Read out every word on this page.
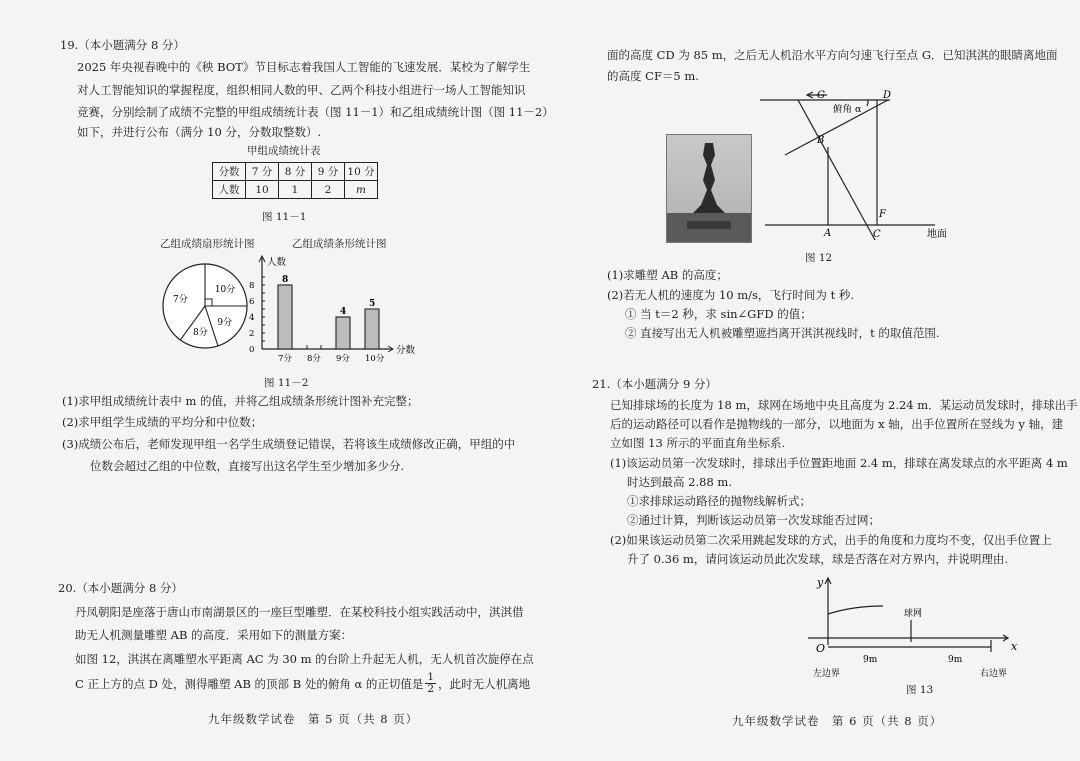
19.（本小题满分 8 分）
2025 年央视春晚中的《秧 BOT》节目标志着我国人工智能的飞速发展．某校为了解学生
对人工智能知识的掌握程度，组织相同人数的甲、乙两个科技小组进行一场人工智能知识
竞赛，分别绘制了成绩不完整的甲组成绩统计表（图 11－1）和乙组成绩统计图（图 11－2）
如下，并进行公布（满分 10 分，分数取整数）.
甲组成绩统计表
分数	7 分	8 分	9 分	10 分
人数	10	1	2	m
图 11－1
乙组成绩扇形统计图	乙组成绩条形统计图
10分
9分
8分
7分
人数
分数
0
2
4
6
8
7分
8
8分 9分
4
10分
5
图 11－2
(1)求甲组成绩统计表中 m 的值，并将乙组成绩条形统计图补充完整；
(2)求甲组学生成绩的平均分和中位数；
(3)成绩公布后，老师发现甲组一名学生成绩登记错误，若将该生成绩修改正确，甲组的中
位数会超过乙组的中位数，直接写出这名学生至少增加多少分.
20.（本小题满分 8 分）
丹凤朝阳是座落于唐山市南湖景区的一座巨型雕塑．在某校科技小组实践活动中，淇淇借
助无人机测量雕塑 AB 的高度．采用如下的测量方案：
如图 12，淇淇在离雕塑水平距离 AC 为 30 m 的台阶上升起无人机，无人机首次旋停在点
C 正上方的点 D 处，测得雕塑 AB 的顶部 B 处的俯角 α 的正切值是 $\frac{1}{2}$ ，此时无人机离地
九年级数学试卷　第 5 页（共 8 页）
面的高度 CD 为 85 m，之后无人机沿水平方向匀速飞行至点 G．已知淇淇的眼睛离地面
的高度 CF＝5 m.
G	D
俯角 α
B
F
A	C	地面
图 12
(1)求雕塑 AB 的高度；
(2)若无人机的速度为 10 m/s，飞行时间为 t 秒.
① 当 t＝2 秒，求 sin∠GFD 的值；
② 直接写出无人机被雕塑遮挡离开淇淇视线时，t 的取值范围.
21.（本小题满分 9 分）
已知排球场的长度为 18 m，球网在场地中央且高度为 2.24 m．某运动员发球时，排球出手
后的运动路径可以看作是抛物线的一部分，以地面为 x 轴，出手位置所在竖线为 y 轴，建
立如图 13 所示的平面直角坐标系.
(1)该运动员第一次发球时，排球出手位置距地面 2.4 m，排球在离发球点的水平距离 4 m
时达到最高 2.88 m.
①求排球运动路径的抛物线解析式；
②通过计算，判断该运动员第一次发球能否过网；
(2)如果该运动员第二次采用跳起发球的方式，出手的角度和力度均不变，仅出手位置上
升了 0.36 m，请问该运动员此次发球，球是否落在对方界内，并说明理由.
y
x
O
球网
9m	9m
左边界	右边界
图 13
九年级数学试卷　第 6 页（共 8 页）
